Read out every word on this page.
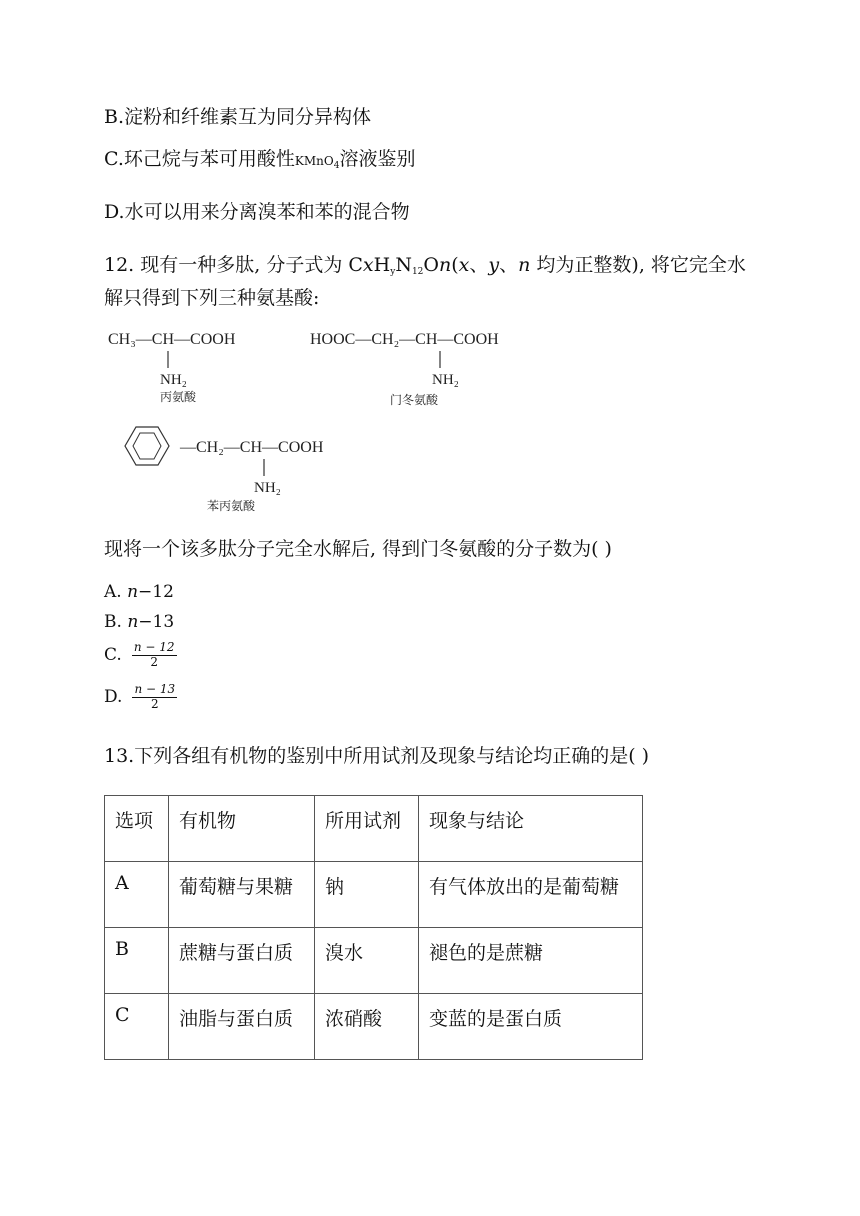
B.淀粉和纤维素互为同分异构体
C.环己烷与苯可用酸性KMnO$_4$溶液鉴别
D.水可以用来分离溴苯和苯的混合物
12. 现有一种多肽, 分子式为 $CxH_yN_{12}On(x$、y、n 均为正整数), 将它完全水
解只得到下列三种氨基酸:
CH₃—CH—COOH
NH₂
丙氨酸
HOOC—CH₂—CH—COOH
NH₂
门冬氨酸
—CH₂—CH—COOH
NH₂
苯丙氨酸
现将一个该多肽分子完全水解后, 得到门冬氨酸的分子数为( )
A. n−12
B. n−13
C. $\frac{n - 12}{2}$
D. $\frac{n - 13}{2}$
13.下列各组有机物的鉴别中所用试剂及现象与结论均正确的是( )
选项	有机物	所用试剂	现象与结论
A	葡萄糖与果糖	钠	有气体放出的是葡萄糖
B	蔗糖与蛋白质	溴水	褪色的是蔗糖
C	油脂与蛋白质	浓硝酸	变蓝的是蛋白质
